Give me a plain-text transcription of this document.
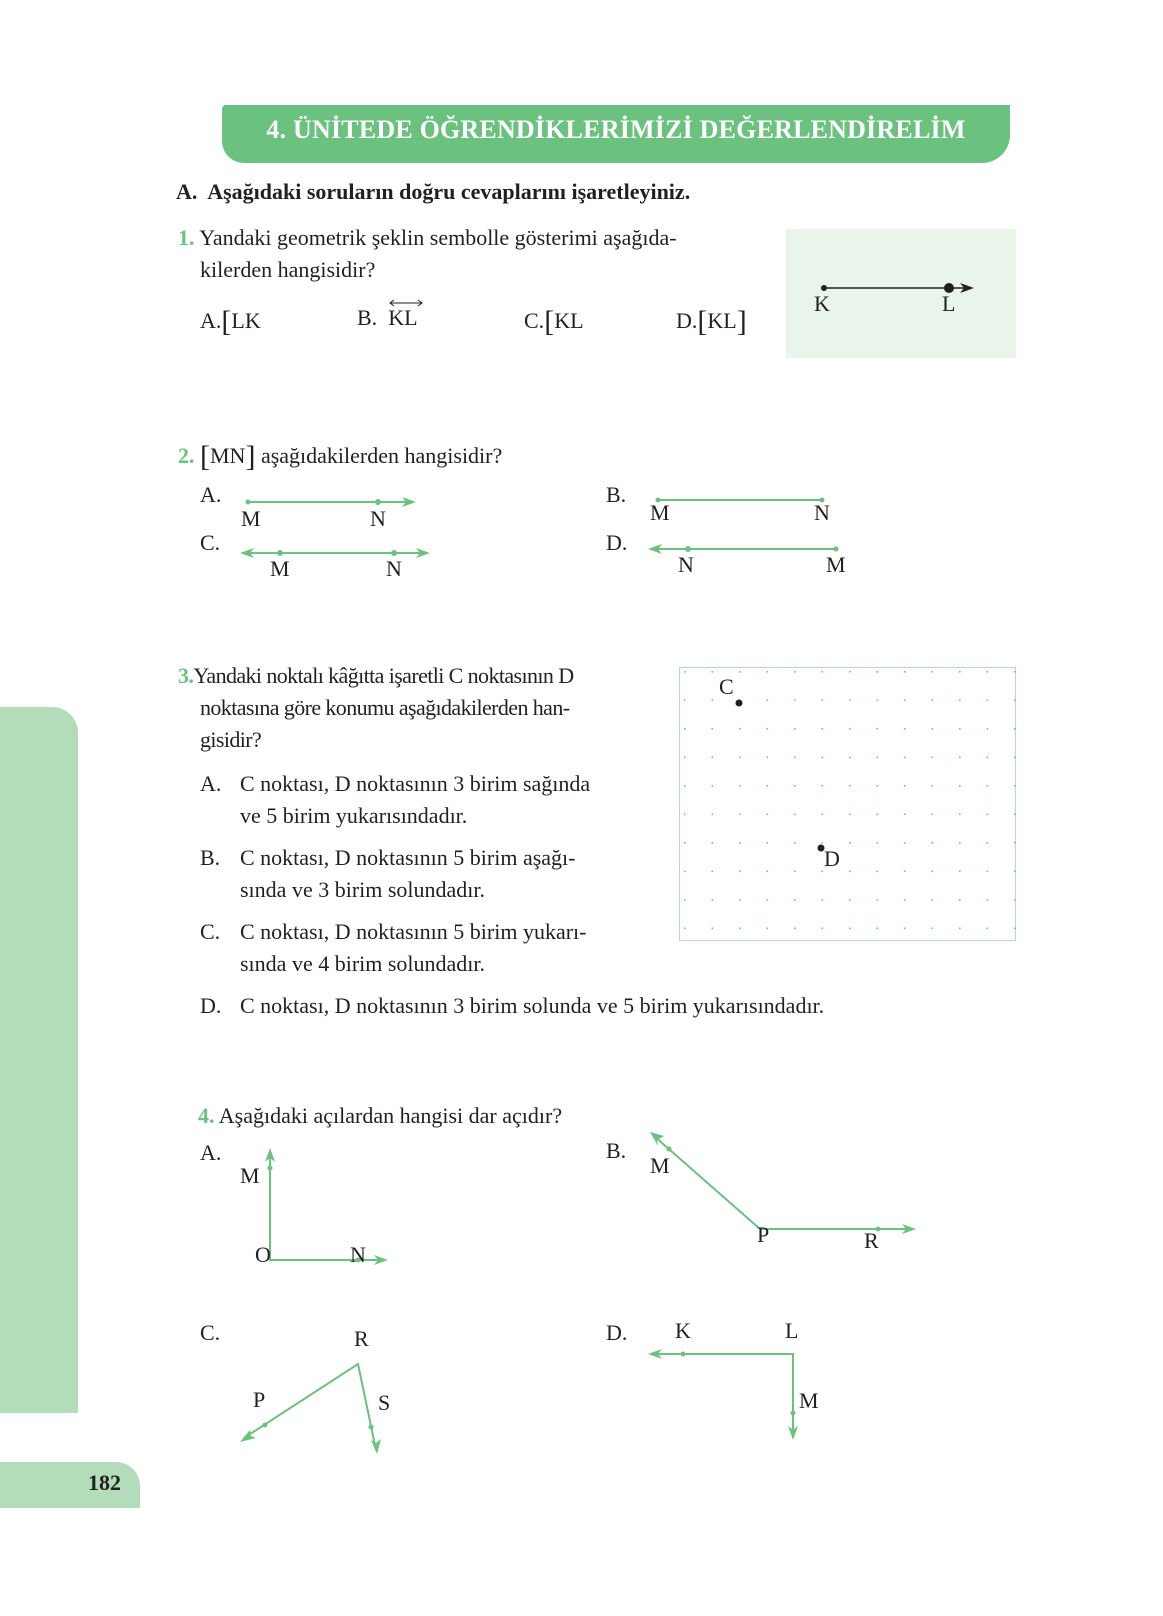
182
4. ÜNİTEDE ÖĞRENDİKLERİMİZİ DEĞERLENDİRELİM
A. Aşağıdaki soruların doğru cevaplarını işaretleyiniz.
1. Yandaki geometrik şeklin sembolle gösterimi aşağıda-
kilerden hangisidir?
A.[LK	B. KL	C.[KL	D.[KL]
K	L
2. [MN] aşağıdakilerden hangisidir?
A.
M	N
B.
M	N
C.
M	N
D.
N	M
3.Yandaki noktalı kâğıtta işaretli C noktasının D
noktasına göre konumu aşağıdakilerden han-
gisidir?
A. C noktası, D noktasının 3 birim sağında
ve 5 birim yukarısındadır.
B. C noktası, D noktasının 5 birim aşağı-
sında ve 3 birim solundadır.
C. C noktası, D noktasının 5 birim yukarı-
sında ve 4 birim solundadır.
D. C noktası, D noktasının 3 birim solunda ve 5 birim yukarısındadır.
C
D
4. Aşağıdaki açılardan hangisi dar açıdır?
A.
M
O	N
B.
M
P	R
C.	R
P	S
D. K	L
M
